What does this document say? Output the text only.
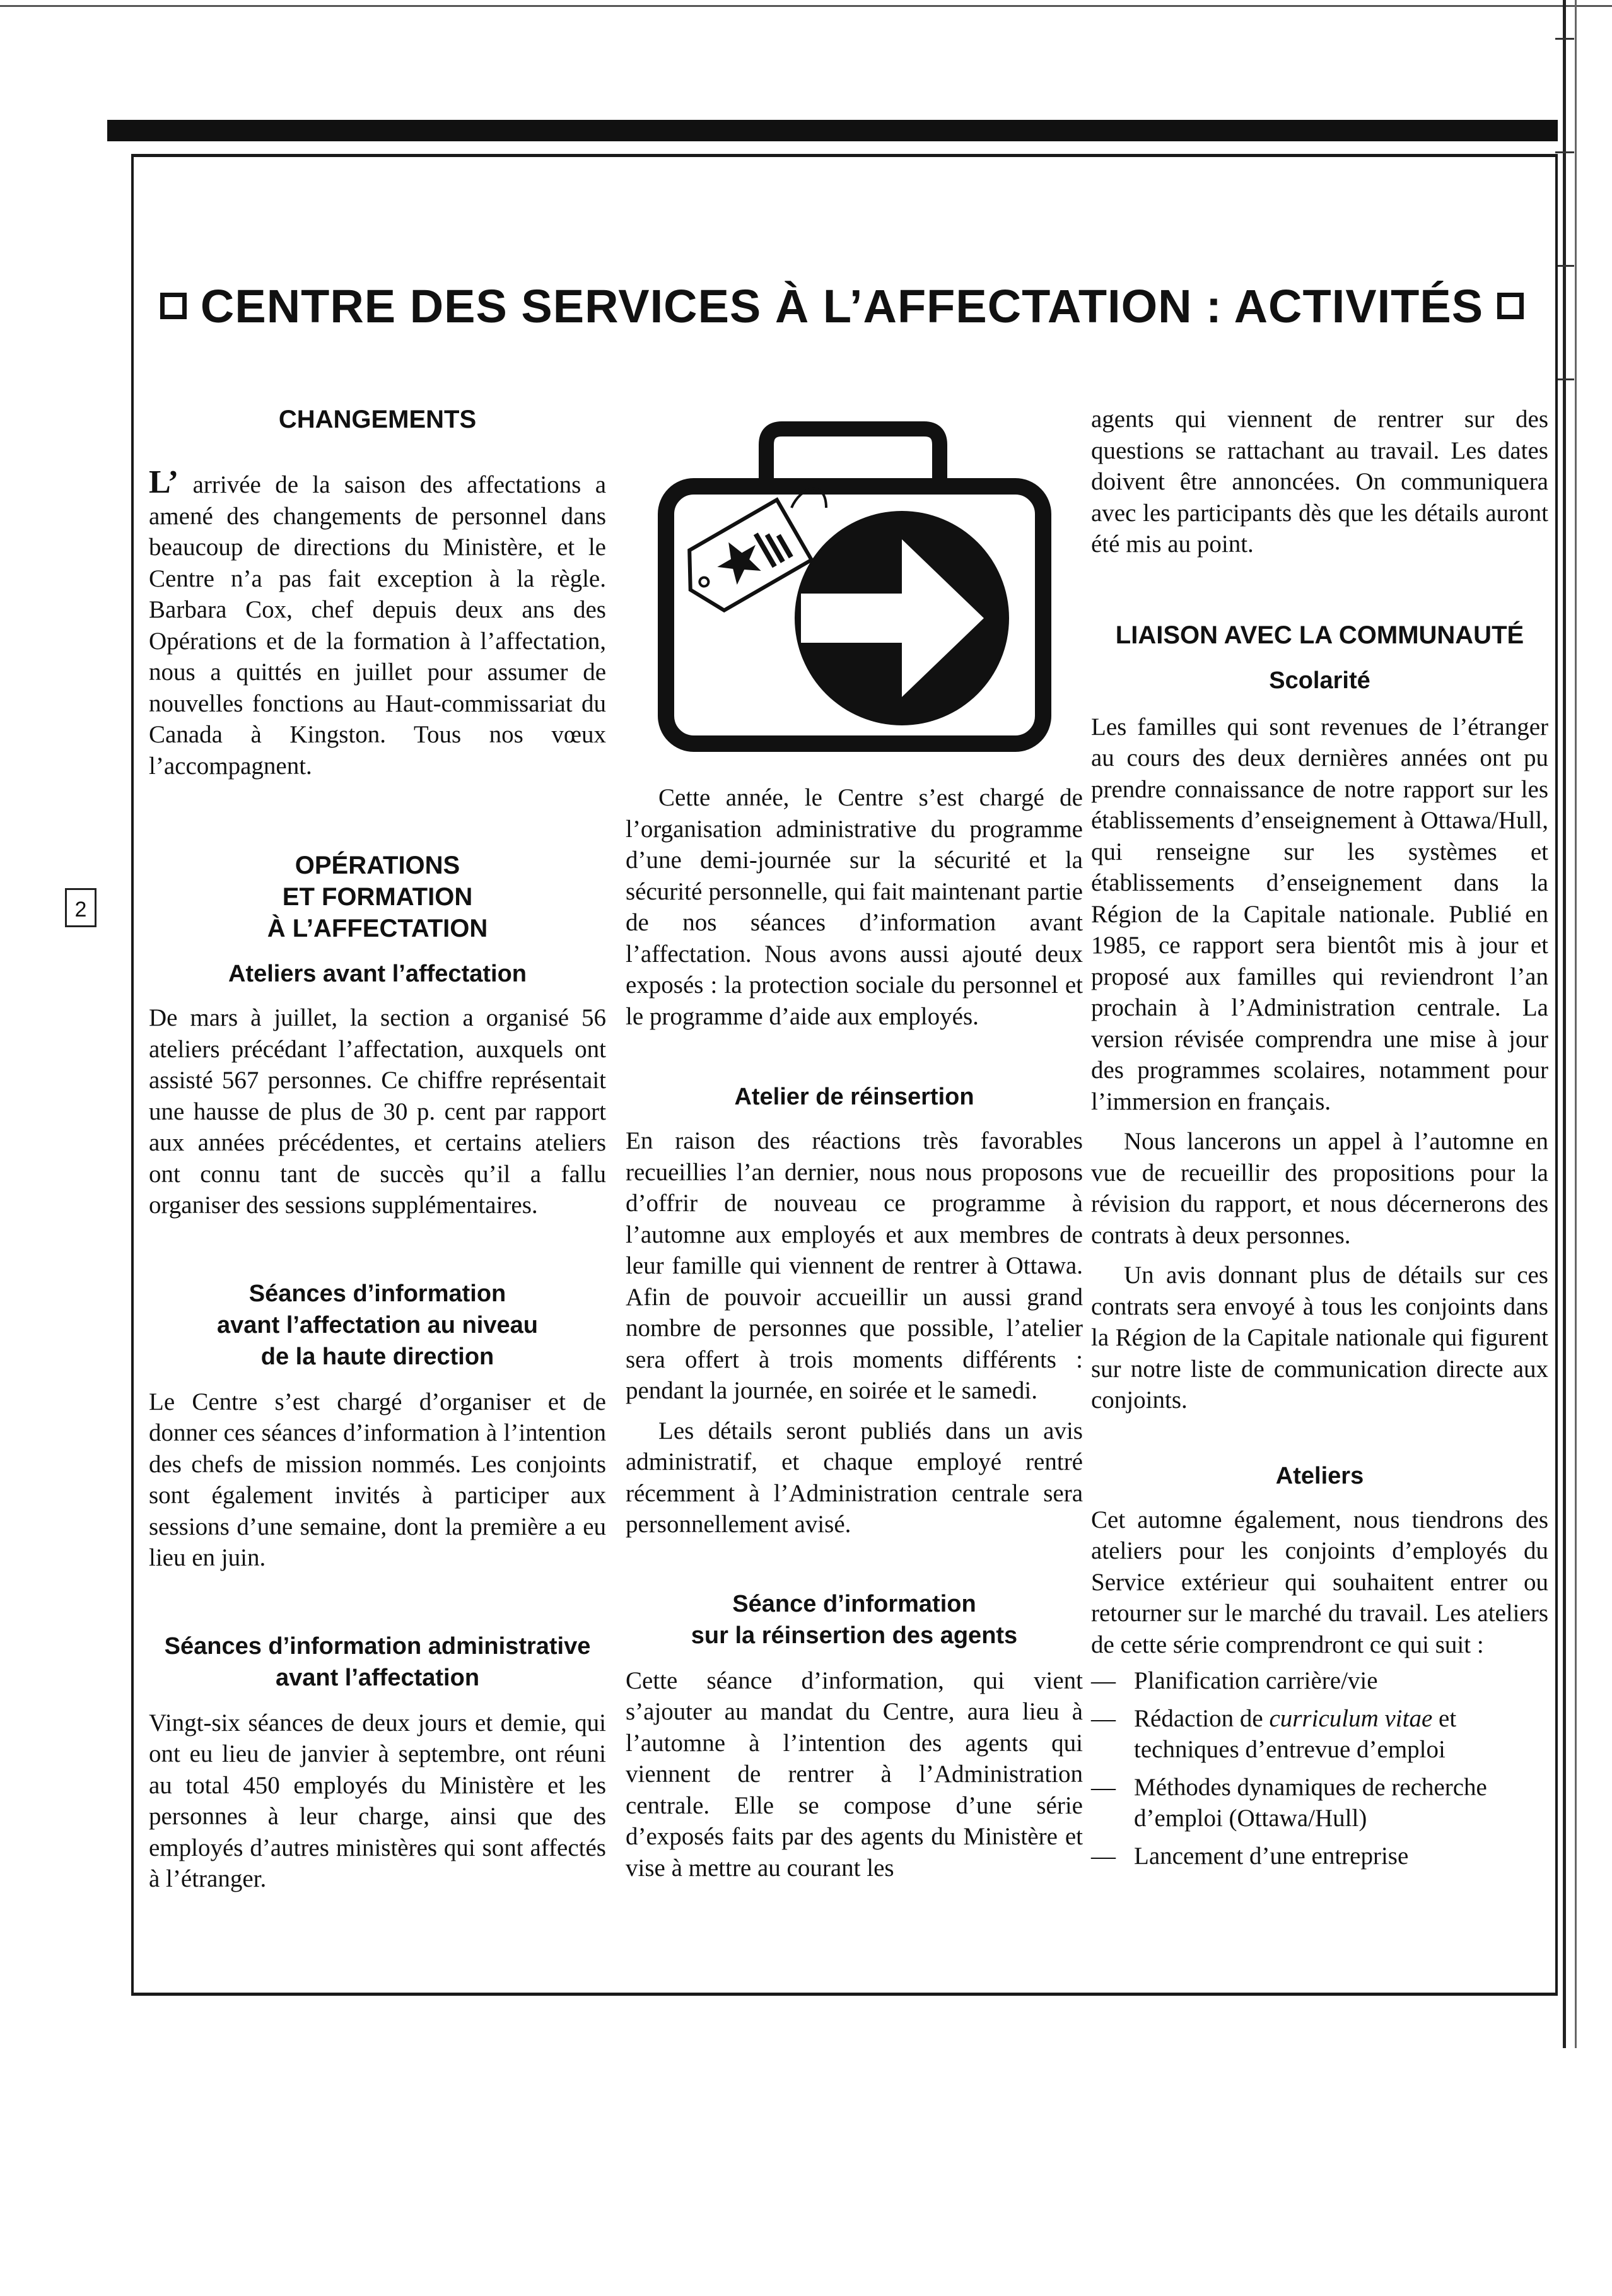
2
CENTRE DES SERVICES À L’AFFECTATION : ACTIVITÉS
CHANGEMENTS

L’ arrivée de la saison des affectations a amené des changements de personnel dans beaucoup de directions du Ministère, et le Centre n’a pas fait exception à la règle. Barbara Cox, chef depuis deux ans des Opérations et de la formation à l’affectation, nous a quittés en juillet pour assumer de nouvelles fonctions au Haut-commissariat du Canada à Kingston. Tous nos vœux l’accompagnent.

OPÉRATIONS
ET FORMATION
À L’AFFECTATION
Ateliers avant l’affectation

De mars à juillet, la section a organisé 56 ateliers précédant l’affectation, auxquels ont assisté 567 personnes. Ce chiffre représentait une hausse de plus de 30 p. cent par rapport aux années précédentes, et certains ateliers ont connu tant de succès qu’il a fallu organiser des sessions supplémentaires.

Séances d’information
avant l’affectation au niveau
de la haute direction

Le Centre s’est chargé d’organiser et de donner ces séances d’information à l’intention des chefs de mission nommés. Les conjoints sont également invités à participer aux sessions d’une semaine, dont la première a eu lieu en juin.

Séances d’information administrative
avant l’affectation

Vingt-six séances de deux jours et demie, qui ont eu lieu de janvier à septembre, ont réuni au total 450 employés du Ministère et les personnes à leur charge, ainsi que des employés d’autres ministères qui sont affectés à l’étranger.

Cette année, le Centre s’est chargé de l’organisation administrative du programme d’une demi-journée sur la sécurité et la sécurité personnelle, qui fait maintenant partie de nos séances d’information avant l’affectation. Nous avons aussi ajouté deux exposés : la protection sociale du personnel et le programme d’aide aux employés.

Atelier de réinsertion

En raison des réactions très favorables recueillies l’an dernier, nous nous proposons d’offrir de nouveau ce programme à l’automne aux employés et aux membres de leur famille qui viennent de rentrer à Ottawa. Afin de pouvoir accueillir un aussi grand nombre de personnes que possible, l’atelier sera offert à trois moments différents : pendant la journée, en soirée et le samedi.

Les détails seront publiés dans un avis administratif, et chaque employé rentré récemment à l’Administration centrale sera personnellement avisé.

Séance d’information
sur la réinsertion des agents

Cette séance d’information, qui vient s’ajouter au mandat du Centre, aura lieu à l’automne à l’intention des agents qui viennent de rentrer à l’Administration centrale. Elle se compose d’une série d’exposés faits par des agents du Ministère et vise à mettre au courant les

agents qui viennent de rentrer sur des questions se rattachant au travail. Les dates doivent être annoncées. On communiquera avec les participants dès que les détails auront été mis au point.

LIAISON AVEC LA COMMUNAUTÉ
Scolarité

Les familles qui sont revenues de l’étranger au cours des deux dernières années ont pu prendre connaissance de notre rapport sur les établissements d’enseignement à Ottawa/Hull, qui renseigne sur les systèmes et établissements d’enseignement dans la Région de la Capitale nationale. Publié en 1985, ce rapport sera bientôt mis à jour et proposé aux familles qui reviendront l’an prochain à l’Administration centrale. La version révisée comprendra une mise à jour des programmes scolaires, notamment pour l’immersion en français.

Nous lancerons un appel à l’automne en vue de recueillir des propositions pour la révision du rapport, et nous décernerons des contrats à deux personnes.

Un avis donnant plus de détails sur ces contrats sera envoyé à tous les conjoints dans la Région de la Capitale nationale qui figurent sur notre liste de communication directe aux conjoints.

Ateliers

Cet automne également, nous tiendrons des ateliers pour les conjoints d’employés du Service extérieur qui souhaitent entrer ou retourner sur le marché du travail. Les ateliers de cette série comprendront ce qui suit :

— Planification carrière/vie
— Rédaction de curriculum vitae et techniques d’entrevue d’emploi
— Méthodes dynamiques de recherche d’emploi (Ottawa/Hull)
— Lancement d’une entreprise
